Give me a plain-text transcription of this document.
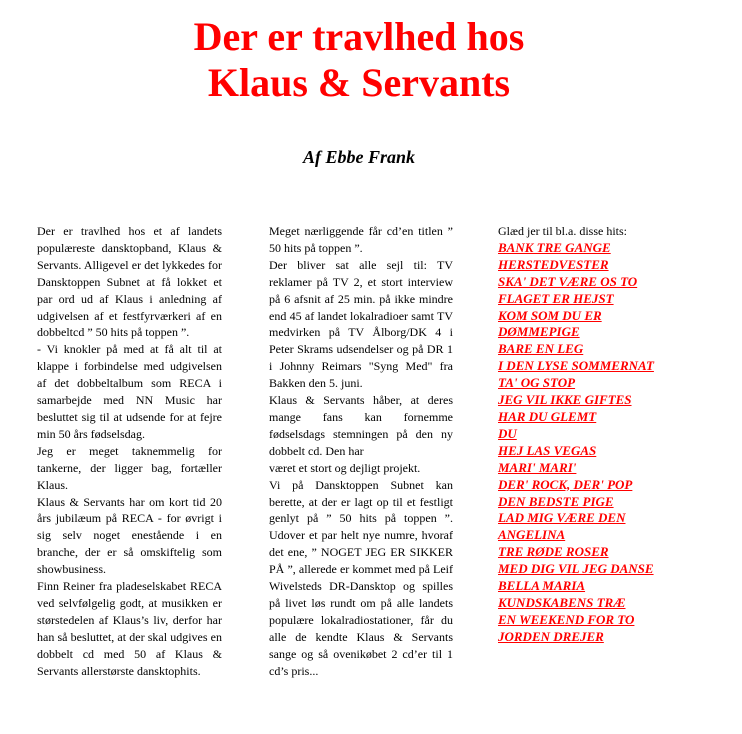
Der er travlhed hos
Klaus & Servants
Af Ebbe Frank

Der er travlhed hos et af landets populæreste dansktopband, Klaus & Servants. Alligevel er det lykkedes for Dansktoppen Subnet at få lokket et par ord ud af Klaus i anledning af udgivelsen af et festfyrværkeri af en dobbeltcd ” 50 hits på toppen ”.

- Vi knokler på med at få alt til at klappe i forbindelse med udgivelsen af det dobbeltalbum som RECA i samarbejde med NN Music har besluttet sig til at udsende for at fejre min 50 års fødselsdag.

Jeg er meget taknemmelig for tankerne, der ligger bag, fortæller Klaus.

Klaus & Servants har om kort tid 20 års jubilæum på RECA - for øvrigt i sig selv noget enestående i en branche, der er så omskiftelig som showbusiness.

Finn Reiner fra pladeselskabet RECA ved selvfølgelig godt, at musikken er størstedelen af Klaus’s liv, derfor har han så besluttet, at der skal udgives en dobbelt cd med 50 af Klaus & Servants allerstørste dansktophits.

Meget nærliggende får cd’en titlen ” 50 hits på toppen ”.

Der bliver sat alle sejl til: TV reklamer på TV 2, et stort interview på 6 afsnit af 25 min. på ikke mindre end 45 af landet lokalradioer samt TV medvirken på TV Ålborg/DK 4 i Peter Skrams udsendelser og på DR 1 i Johnny Reimars "Syng Med" fra Bakken den 5. juni.

Klaus & Servants håber, at deres mange fans kan fornemme fødselsdags stemningen på den ny dobbelt cd. Den har

været et stort og dejligt projekt.

Vi på Dansktoppen Subnet kan berette, at der er lagt op til et festligt genlyt på ” 50 hits på toppen ”. Udover et par helt nye numre, hvoraf det ene, ” NOGET JEG ER SIKKER PÅ ”, allerede er kommet med på Leif Wivelsteds DR-Dansktop og spilles på livet løs rundt om på alle landets populære lokalradiostationer, får du alle de kendte Klaus & Servants sange og så ovenikøbet 2 cd’er til 1 cd’s pris...

Glæd jer til bl.a. disse hits:

BANK TRE GANGE
HERSTEDVESTER
SKA' DET VÆRE OS TO
FLAGET ER HEJST
KOM SOM DU ER
DØMMEPIGE
BARE EN LEG
I DEN LYSE SOMMERNAT
TA' OG STOP
JEG VIL IKKE GIFTES
HAR DU GLEMT
DU
HEJ LAS VEGAS
MARI' MARI'
DER' ROCK, DER' POP
DEN BEDSTE PIGE
LAD MIG VÆRE DEN
ANGELINA
TRE RØDE ROSER
MED DIG VIL JEG DANSE
BELLA MARIA
KUNDSKABENS TRÆ
EN WEEKEND FOR TO
JORDEN DREJER
